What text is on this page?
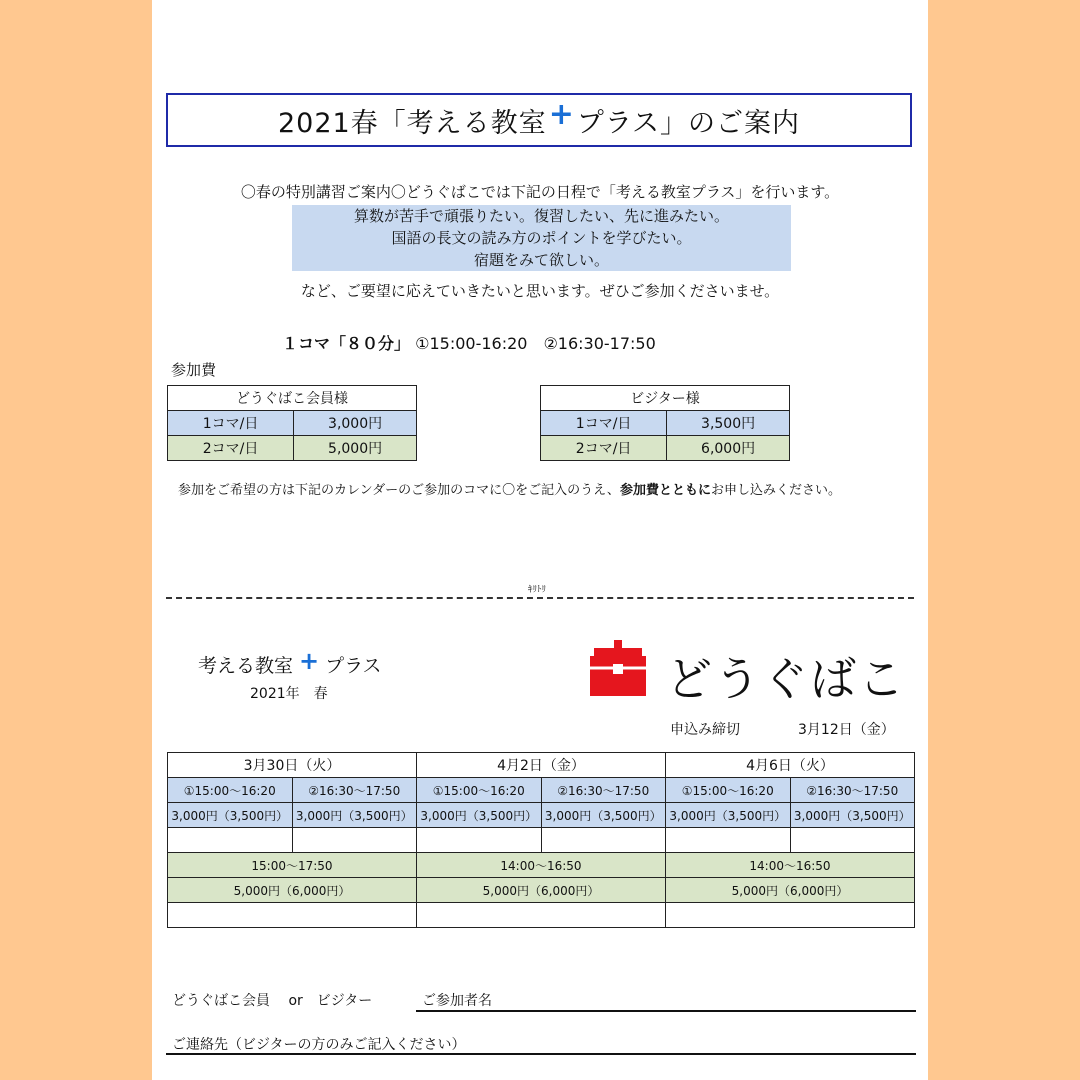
2021春「考える教室 + プラス」のご案内
〇春の特別講習ご案内〇どうぐばこでは下記の日程で「考える教室プラス」を行います。
算数が苦手で頑張りたい。復習したい、先に進みたい。
国語の長文の読み方のポイントを学びたい。
宿題をみて欲しい。
など、ご要望に応えていきたいと思います。ぜひご参加くださいませ。
１コマ「８０分」 ①15:00-16:20　②16:30-17:50
参加費
どうぐばこ会員様	
1コマ/日	3,000円
2コマ/日	5,000円
ビジター様	
1コマ/日	3,500円
2コマ/日	6,000円
参加をご希望の方は下記のカレンダーのご参加のコマに〇をご記入のうえ、参加費とともにお申し込みください。
ｷﾘﾄﾘ
考える教室 + プラス
2021年　春	どうぐばこ
申込み締切	3月12日（金）
3月30日（火）		4月2日（金）		4月6日（火）	
①15:00～16:20	②16:30～17:50	①15:00～16:20	②16:30～17:50	①15:00～16:20	②16:30～17:50
3,000円（3,500円）	3,000円（3,500円）	3,000円（3,500円）	3,000円（3,500円）	3,000円（3,500円）	3,000円（3,500円）

15:00～17:50		14:00～16:50		14:00～16:50	
5,000円（6,000円）		5,000円（6,000円）		5,000円（6,000円）	

どうぐばこ会員　 or　ビジター	ご参加者名
ご連絡先（ビジターの方のみご記入ください）
